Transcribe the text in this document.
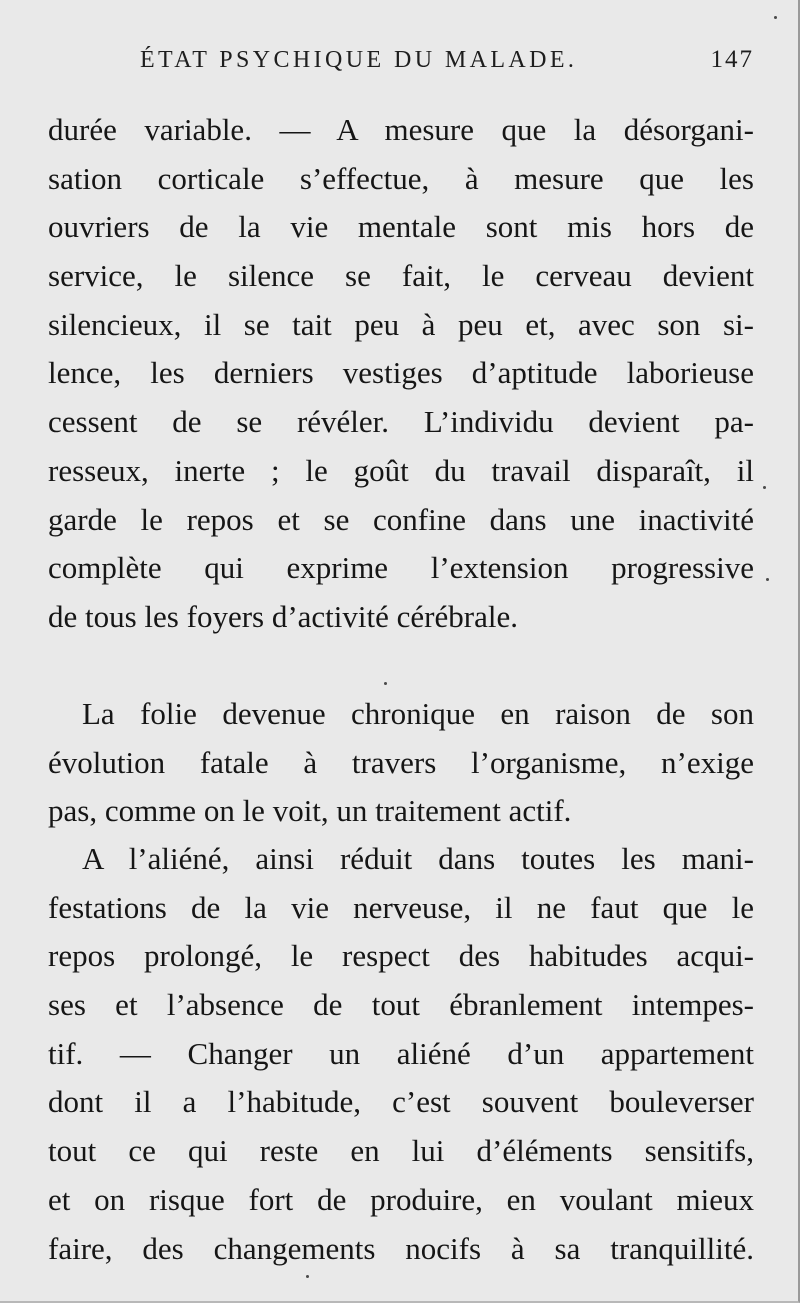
ÉTAT PSYCHIQUE DU MALADE.	147
durée variable. — A mesure que la désorgani-
sation corticale s’effectue, à mesure que les
ouvriers de la vie mentale sont mis hors de
service, le silence se fait, le cerveau devient
silencieux, il se tait peu à peu et, avec son si-
lence, les derniers vestiges d’aptitude laborieuse
cessent de se révéler. L’individu devient pa-
resseux, inerte ; le goût du travail disparaît, il
garde le repos et se confine dans une inactivité
complète qui exprime l’extension progressive
de tous les foyers d’activité cérébrale.
La folie devenue chronique en raison de son
évolution fatale à travers l’organisme, n’exige
pas, comme on le voit, un traitement actif.
A l’aliéné, ainsi réduit dans toutes les mani-
festations de la vie nerveuse, il ne faut que le
repos prolongé, le respect des habitudes acqui-
ses et l’absence de tout ébranlement intempes-
tif. — Changer un aliéné d’un appartement
dont il a l’habitude, c’est souvent bouleverser
tout ce qui reste en lui d’éléments sensitifs,
et on risque fort de produire, en voulant mieux
faire, des changements nocifs à sa tranquillité.
